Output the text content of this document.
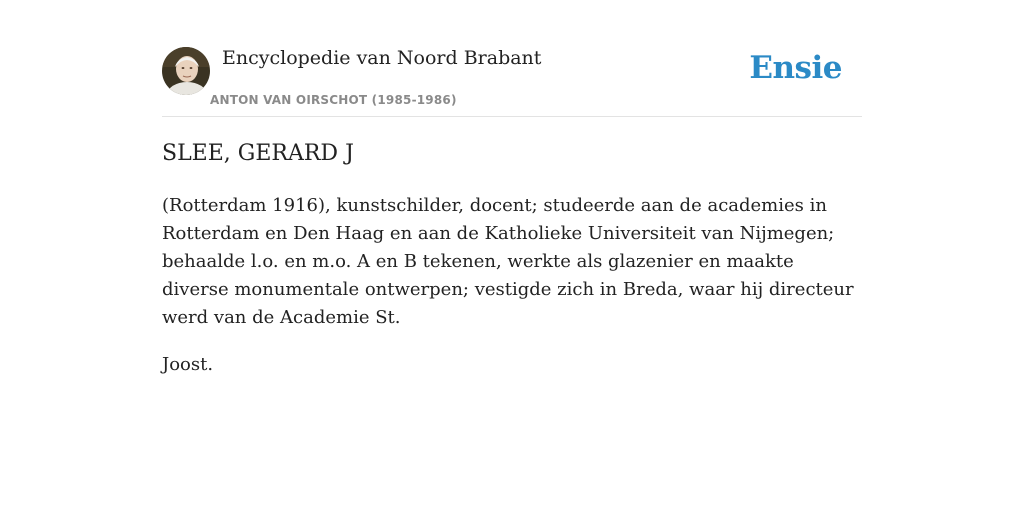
Encyclopedie van Noord Brabant
ANTON VAN OIRSCHOT (1985-1986)
Ensie
SLEE, GERARD J

(Rotterdam 1916), kunstschilder, docent; studeerde aan de academies in Rotterdam en Den Haag en aan de Katholieke Universiteit van Nijmegen; behaalde l.o. en m.o. A en B tekenen, werkte als glazenier en maakte diverse monumentale ontwerpen; vestigde zich in Breda, waar hij directeur werd van de Academie St.

Joost.
